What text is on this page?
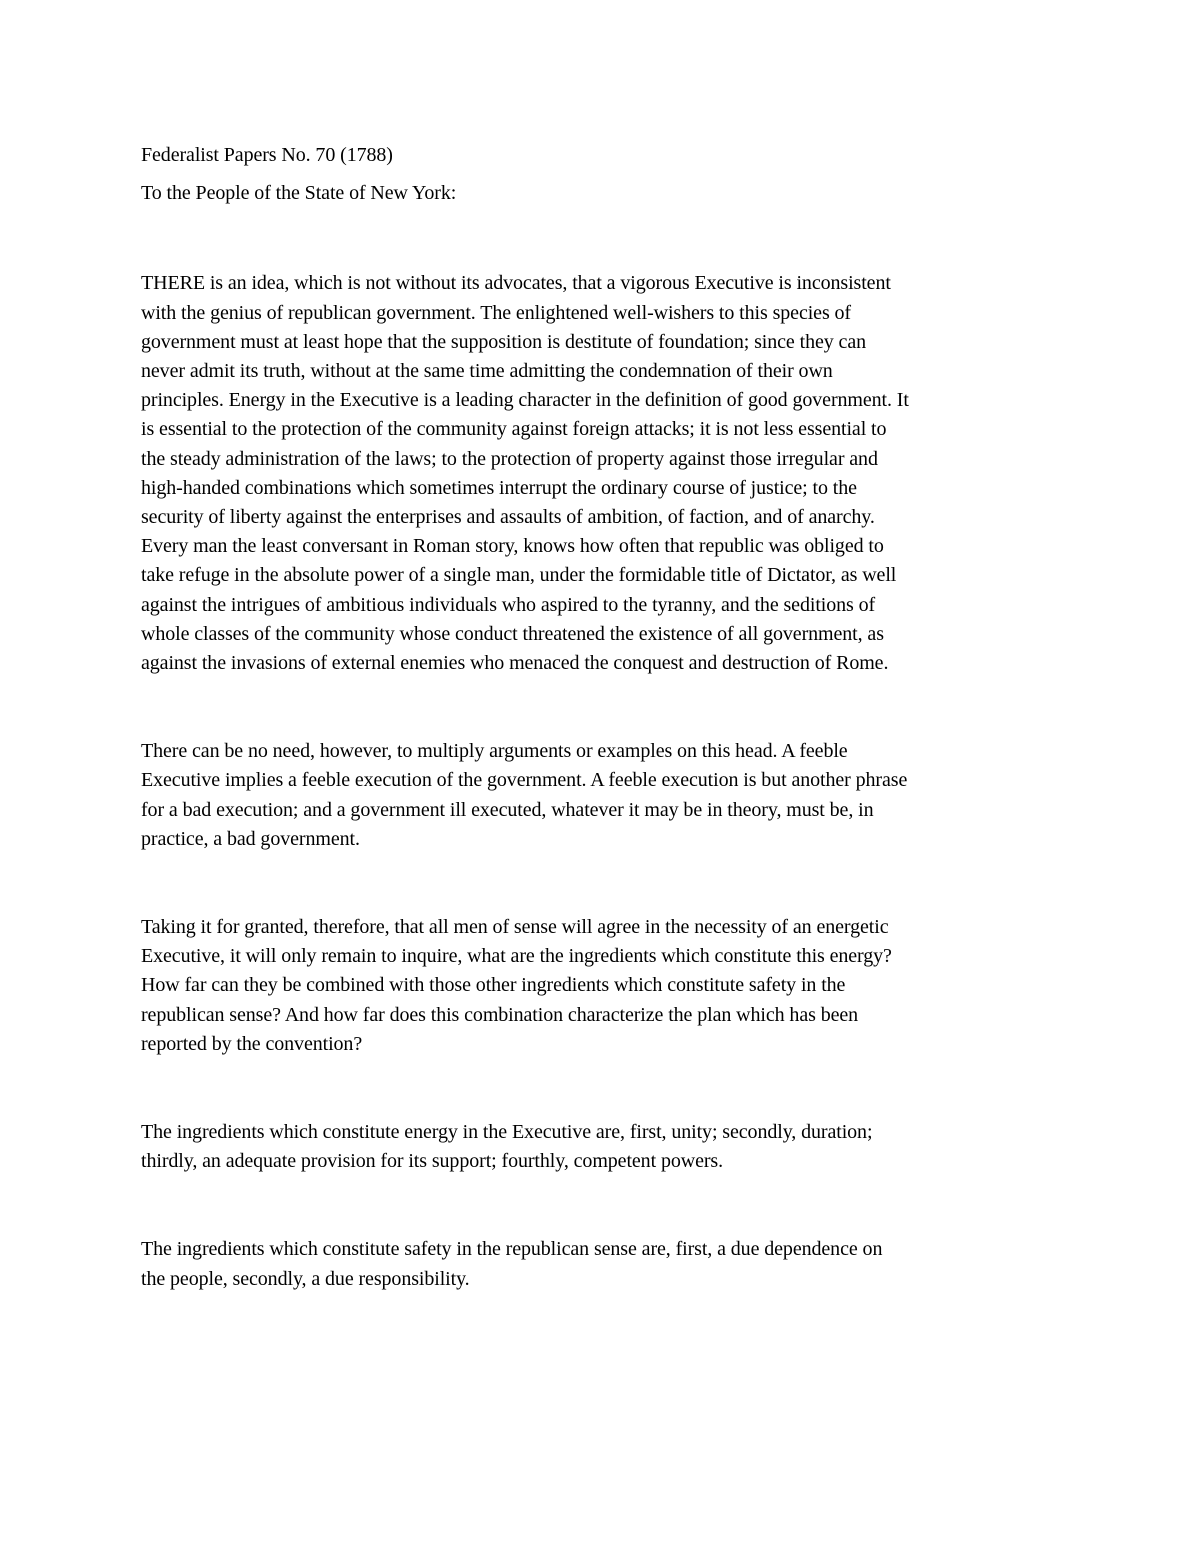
Federalist Papers No. 70 (1788)

To the People of the State of New York:

THERE is an idea, which is not without its advocates, that a vigorous Executive is inconsistent
with the genius of republican government. The enlightened well-wishers to this species of
government must at least hope that the supposition is destitute of foundation; since they can
never admit its truth, without at the same time admitting the condemnation of their own
principles. Energy in the Executive is a leading character in the definition of good government. It
is essential to the protection of the community against foreign attacks; it is not less essential to
the steady administration of the laws; to the protection of property against those irregular and
high-handed combinations which sometimes interrupt the ordinary course of justice; to the
security of liberty against the enterprises and assaults of ambition, of faction, and of anarchy.
Every man the least conversant in Roman story, knows how often that republic was obliged to
take refuge in the absolute power of a single man, under the formidable title of Dictator, as well
against the intrigues of ambitious individuals who aspired to the tyranny, and the seditions of
whole classes of the community whose conduct threatened the existence of all government, as
against the invasions of external enemies who menaced the conquest and destruction of Rome.

There can be no need, however, to multiply arguments or examples on this head. A feeble
Executive implies a feeble execution of the government. A feeble execution is but another phrase
for a bad execution; and a government ill executed, whatever it may be in theory, must be, in
practice, a bad government.

Taking it for granted, therefore, that all men of sense will agree in the necessity of an energetic
Executive, it will only remain to inquire, what are the ingredients which constitute this energy?
How far can they be combined with those other ingredients which constitute safety in the
republican sense? And how far does this combination characterize the plan which has been
reported by the convention?

The ingredients which constitute energy in the Executive are, first, unity; secondly, duration;
thirdly, an adequate provision for its support; fourthly, competent powers.

The ingredients which constitute safety in the republican sense are, first, a due dependence on
the people, secondly, a due responsibility.
